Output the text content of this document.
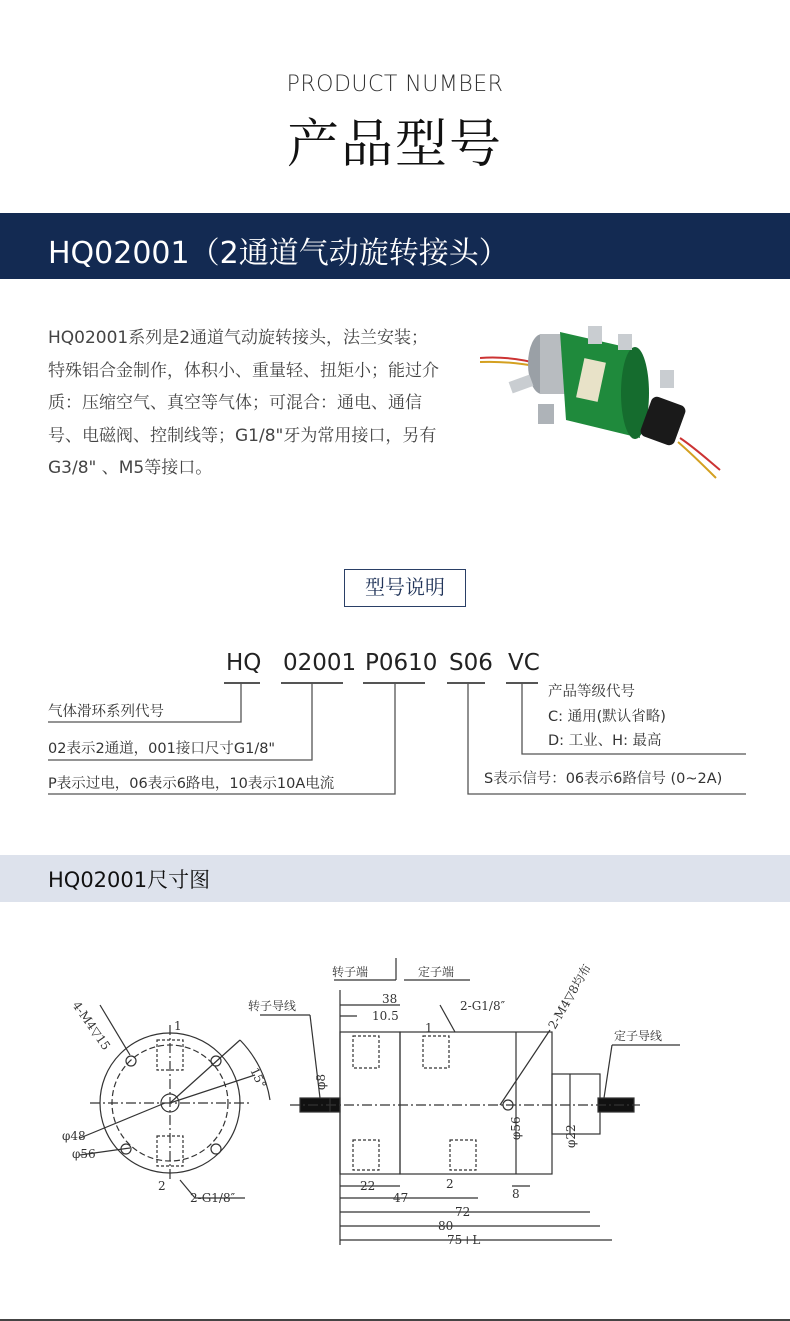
PRODUCT NUMBER
产品型号
HQ02001（2通道气动旋转接头）
HQ02001系列是2通道气动旋转接头，法兰安装；特殊铝合金制作，体积小、重量轻、扭矩小；能过介质：压缩空气、真空等气体；可混合：通电、通信号、电磁阀、控制线等；G1/8"牙为常用接口，另有G3/8" 、M5等接口。
型号说明
HQ 02001 P0610 S06 VC
气体滑环系列代号
02表示2通道，001接口尺寸G1/8"
P表示过电，06表示6路电，10表示10A电流
产品等级代号
C: 通用(默认省略)
D: 工业、H: 最高
S表示信号：06表示6路信号 (0~2A)
HQ02001尺寸图
转子端	定子端
转子导线
定子导线
2-G1/8″
2-G1/8″	2-M4▽8均布
4-M4▽15
15°
φ48
φ56
φ8
φ56	φ22
1
2
1
2
38
10.5
22
47
72
80
75+L
8
